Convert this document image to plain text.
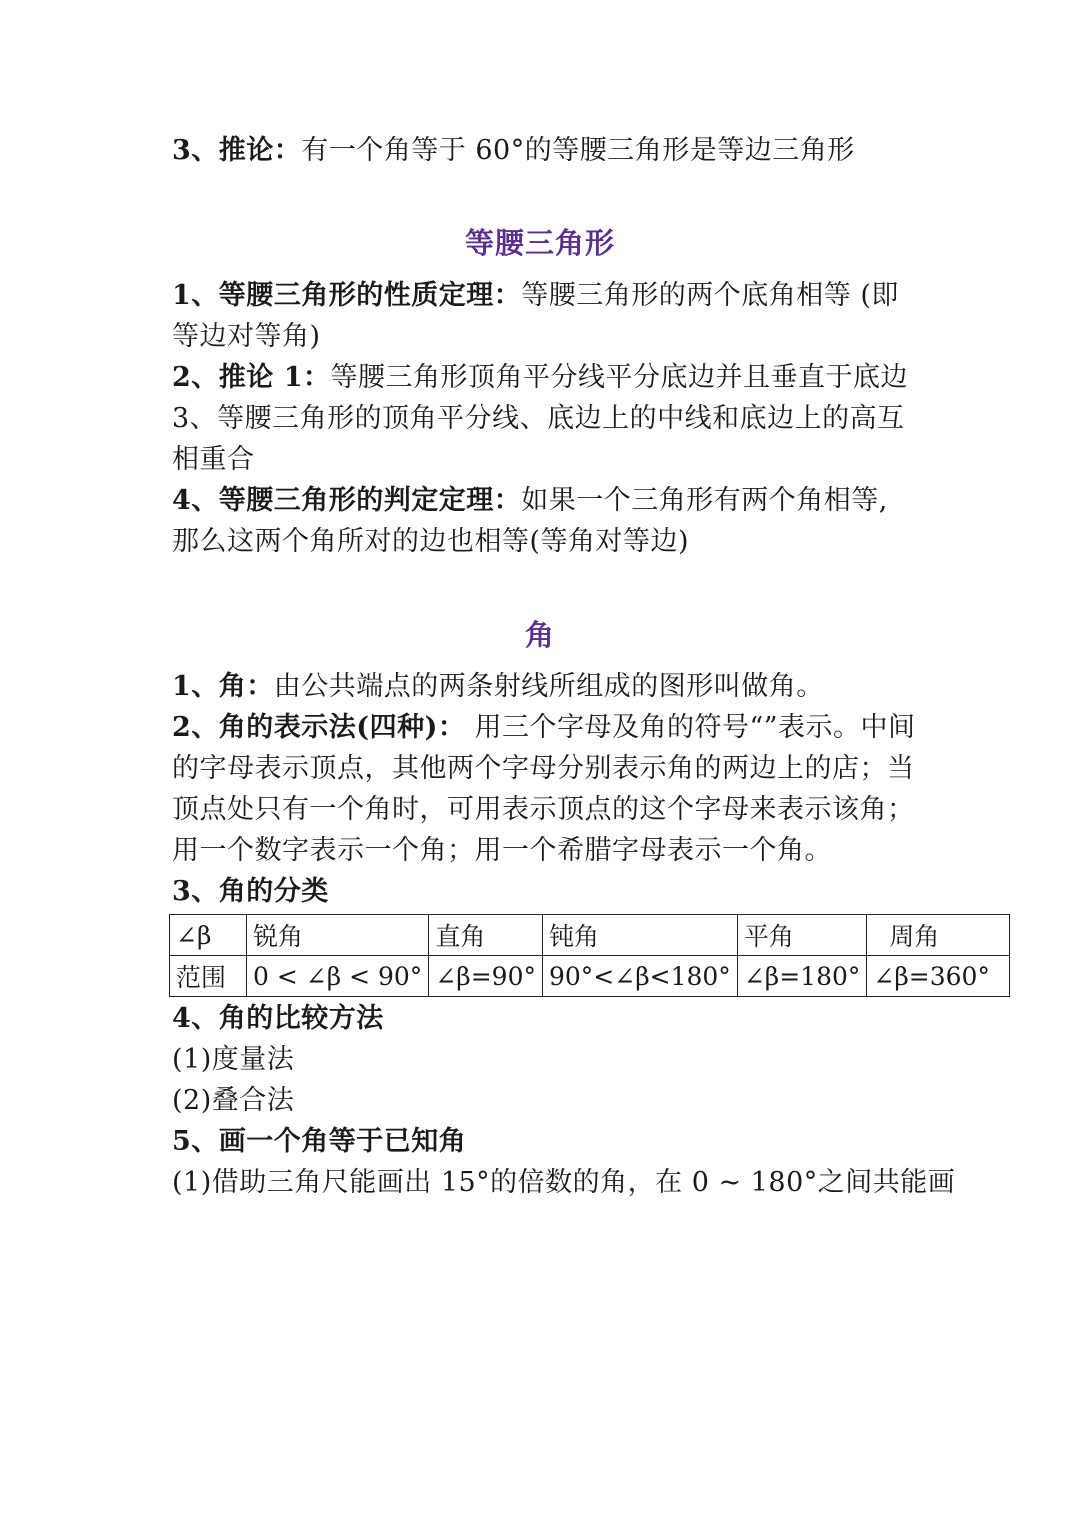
3、推论：有一个角等于 60°的等腰三角形是等边三角形
等腰三角形
1、等腰三角形的性质定理：等腰三角形的两个底角相等 (即
等边对等角)
2、推论 1：等腰三角形顶角平分线平分底边并且垂直于底边
3、等腰三角形的顶角平分线、底边上的中线和底边上的高互
相重合
4、等腰三角形的判定定理：如果一个三角形有两个角相等,
那么这两个角所对的边也相等(等角对等边)
角
1、角：由公共端点的两条射线所组成的图形叫做角。
2、角的表示法(四种)： 用三个字母及角的符号“”表示。中间
的字母表示顶点，其他两个字母分别表示角的两边上的店；当
顶点处只有一个角时，可用表示顶点的这个字母来表示该角；
用一个数字表示一个角；用一个希腊字母表示一个角。
3、角的分类
∠β	锐角	直角	钝角	平角	周角
范围	0 < ∠β < 90°	∠β=90°	90°<∠β<180°	∠β=180°	∠β=360°
4、角的比较方法
(1)度量法
(2)叠合法
5、画一个角等于已知角
(1)借助三角尺能画出 15°的倍数的角，在 0 ~ 180°之间共能画
